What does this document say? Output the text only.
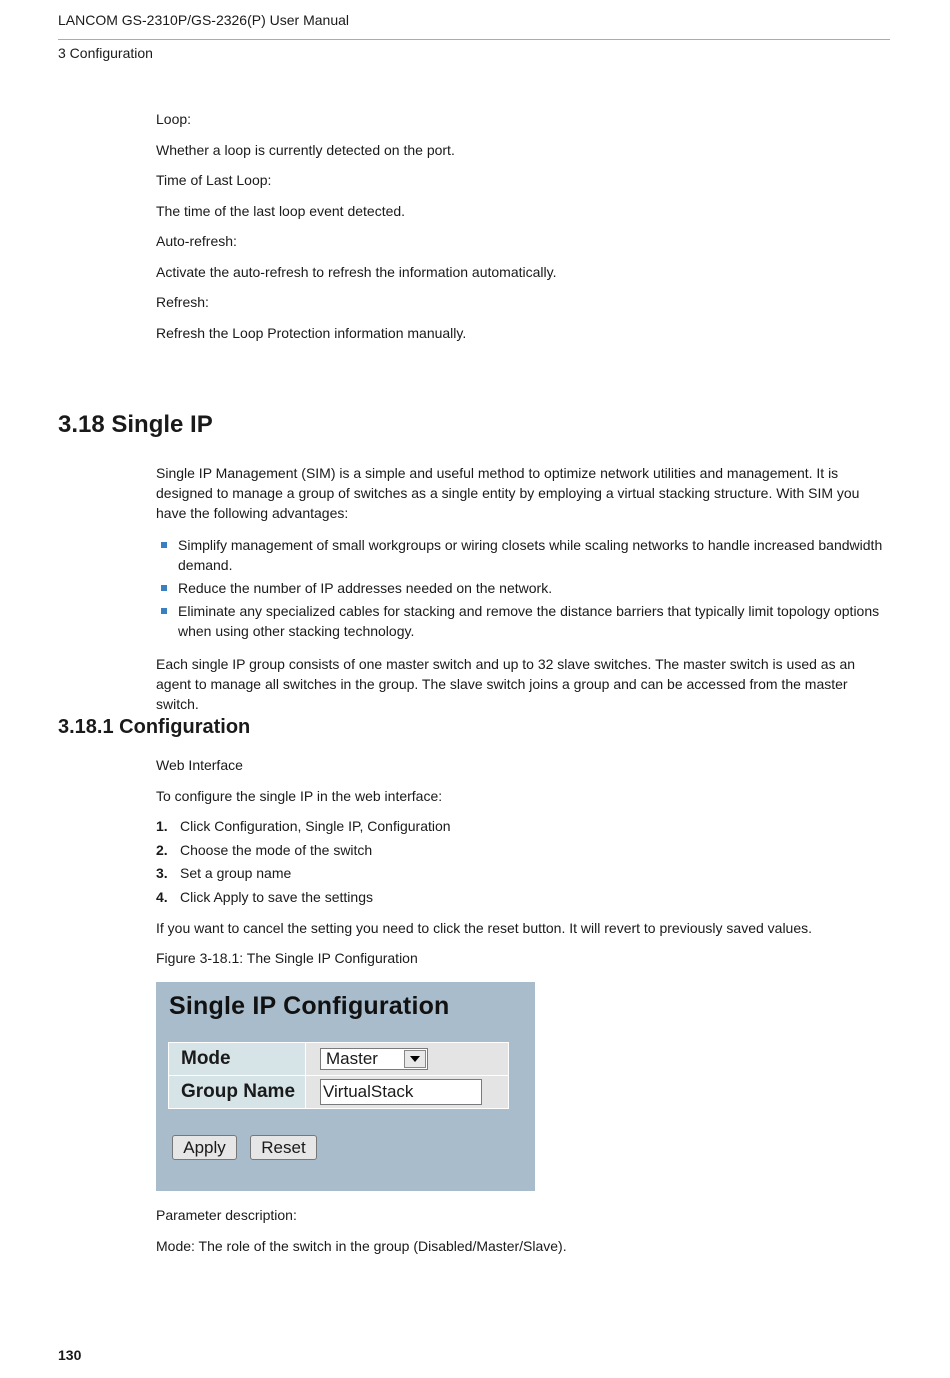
LANCOM GS-2310P/GS-2326(P) User Manual
3 Configuration
Loop:
Whether a loop is currently detected on the port.
Time of Last Loop:
The time of the last loop event detected.
Auto-refresh:
Activate the auto-refresh to refresh the information automatically.
Refresh:
Refresh the Loop Protection information manually.
3.18 Single IP
Single IP Management (SIM) is a simple and useful method to optimize network utilities and management. It is designed to manage a group of switches as a single entity by employing a virtual stacking structure. With SIM you have the following advantages:
Simplify management of small workgroups or wiring closets while scaling networks to handle increased bandwidth demand.
Reduce the number of IP addresses needed on the network.
Eliminate any specialized cables for stacking and remove the distance barriers that typically limit topology options when using other stacking technology.
Each single IP group consists of one master switch and up to 32 slave switches. The master switch is used as an agent to manage all switches in the group. The slave switch joins a group and can be accessed from the master switch.
3.18.1 Configuration
Web Interface
To configure the single IP in the web interface:
1. Click Configuration, Single IP, Configuration
2. Choose the mode of the switch
3. Set a group name
4. Click Apply to save the settings
If you want to cancel the setting you need to click the reset button. It will revert to previously saved values.
Figure 3-18.1: The Single IP Configuration
Single IP Configuration
Mode	Master
Group Name	VirtualStack
Apply	Reset
Parameter description:
Mode: The role of the switch in the group (Disabled/Master/Slave).
130
